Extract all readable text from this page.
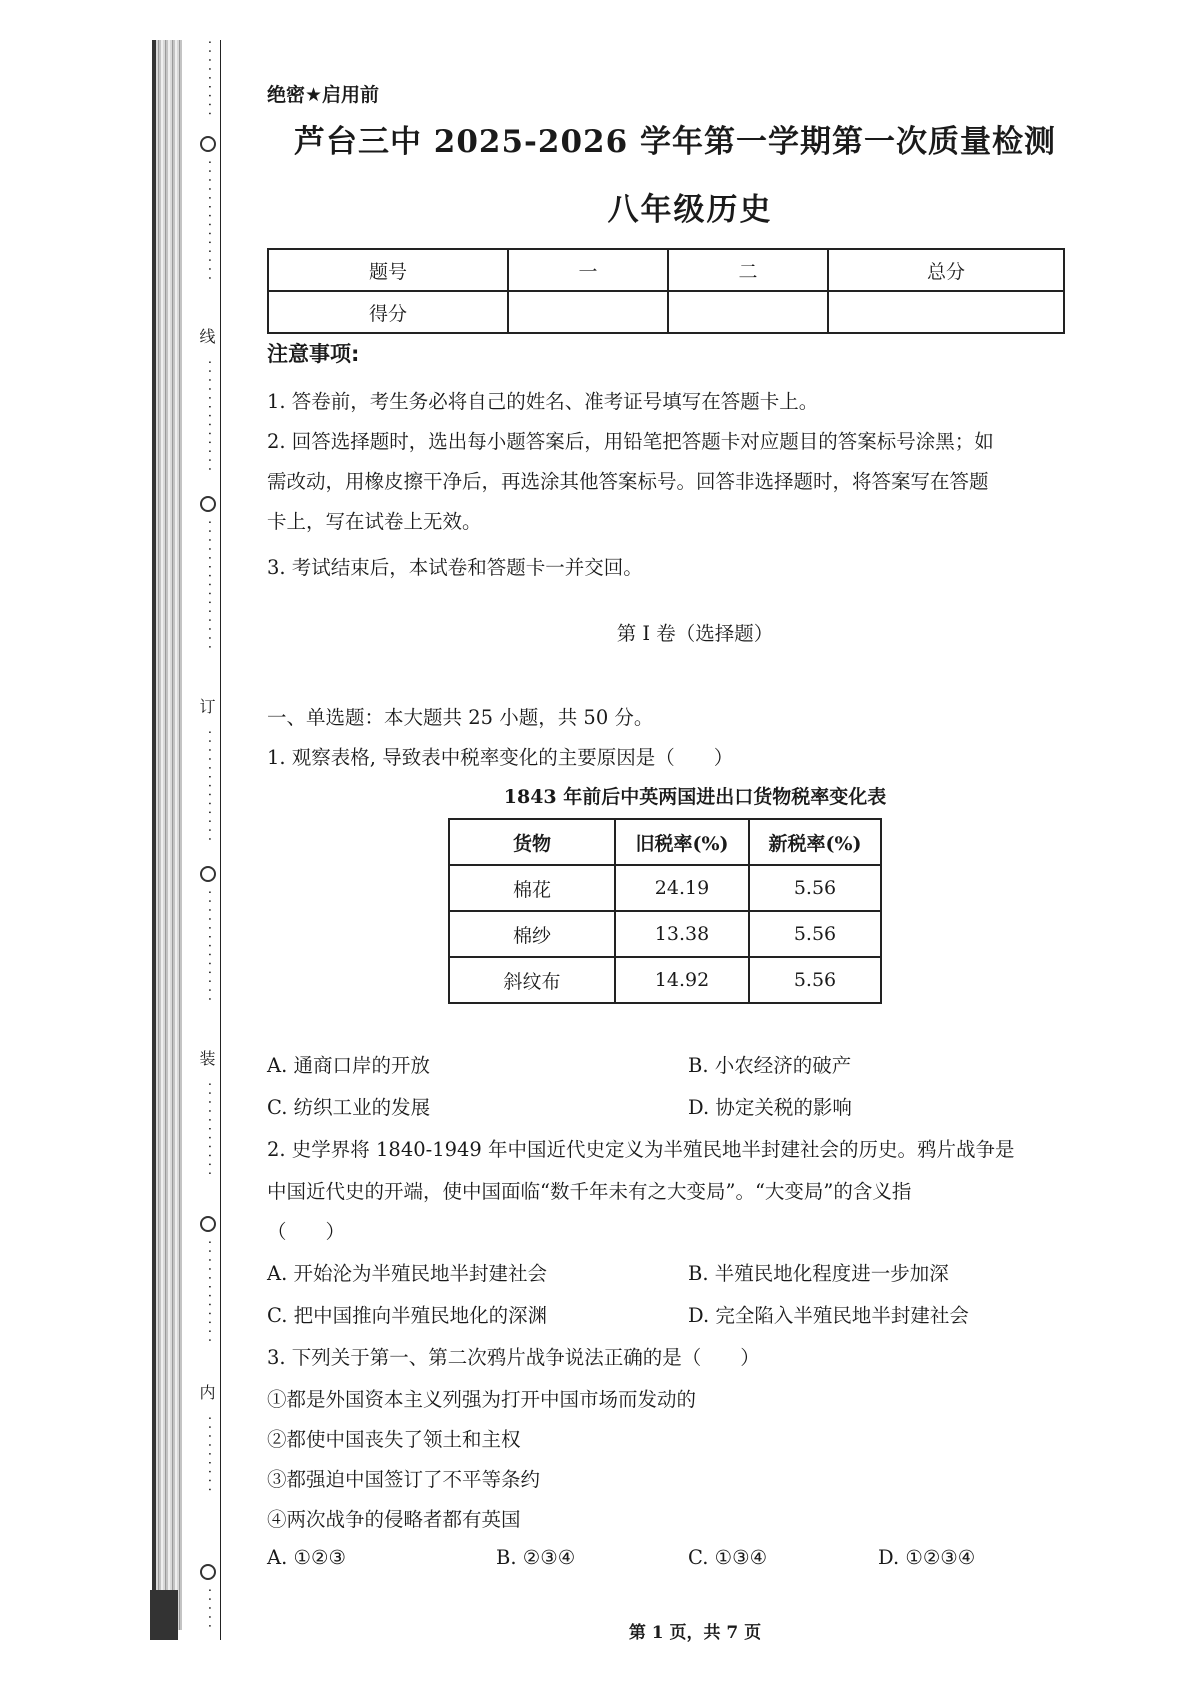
· · · · · · · · ·
· · · · · · · · · · · · · ·
线
· · · · · · · · · · · · ·
· · · · · · · · · · · · · · ·
订
· · · · · · · · · · · · ·
· · · · · · · · · · · · ·
装
· · · · · · · · · · ·
· · · · · · · · · · · ·
内
· · · · · · · · ·
· · · · ·
绝密★启用前
芦台三中 2025-2026 学年第一学期第一次质量检测
八年级历史
题号	一	二	总分
得分			
注意事项:
1. 答卷前，考生务必将自己的姓名、准考证号填写在答题卡上。
2. 回答选择题时，选出每小题答案后，用铅笔把答题卡对应题目的答案标号涂黑；如
需改动，用橡皮擦干净后，再选涂其他答案标号。回答非选择题时，将答案写在答题
卡上，写在试卷上无效。
3. 考试结束后，本试卷和答题卡一并交回。
第 I 卷（选择题）
一、单选题：本大题共 25 小题，共 50 分。
1. 观察表格, 导致表中税率变化的主要原因是（　　）
1843 年前后中英两国进出口货物税率变化表
货物	旧税率(%)	新税率(%)
棉花	24.19	5.56
棉纱	13.38	5.56
斜纹布	14.92	5.56
A. 通商口岸的开放	B. 小农经济的破产
C. 纺织工业的发展	D. 协定关税的影响
2. 史学界将 1840-1949 年中国近代史定义为半殖民地半封建社会的历史。鸦片战争是
中国近代史的开端，使中国面临“数千年未有之大变局”。“大变局”的含义指
（　　）
A. 开始沦为半殖民地半封建社会	B. 半殖民地化程度进一步加深
C. 把中国推向半殖民地化的深渊	D. 完全陷入半殖民地半封建社会
3. 下列关于第一、第二次鸦片战争说法正确的是（　　）
①都是外国资本主义列强为打开中国市场而发动的
②都使中国丧失了领土和主权
③都强迫中国签订了不平等条约
④两次战争的侵略者都有英国
A. ①②③	B. ②③④	C. ①③④	D. ①②③④
第 1 页，共 7 页
